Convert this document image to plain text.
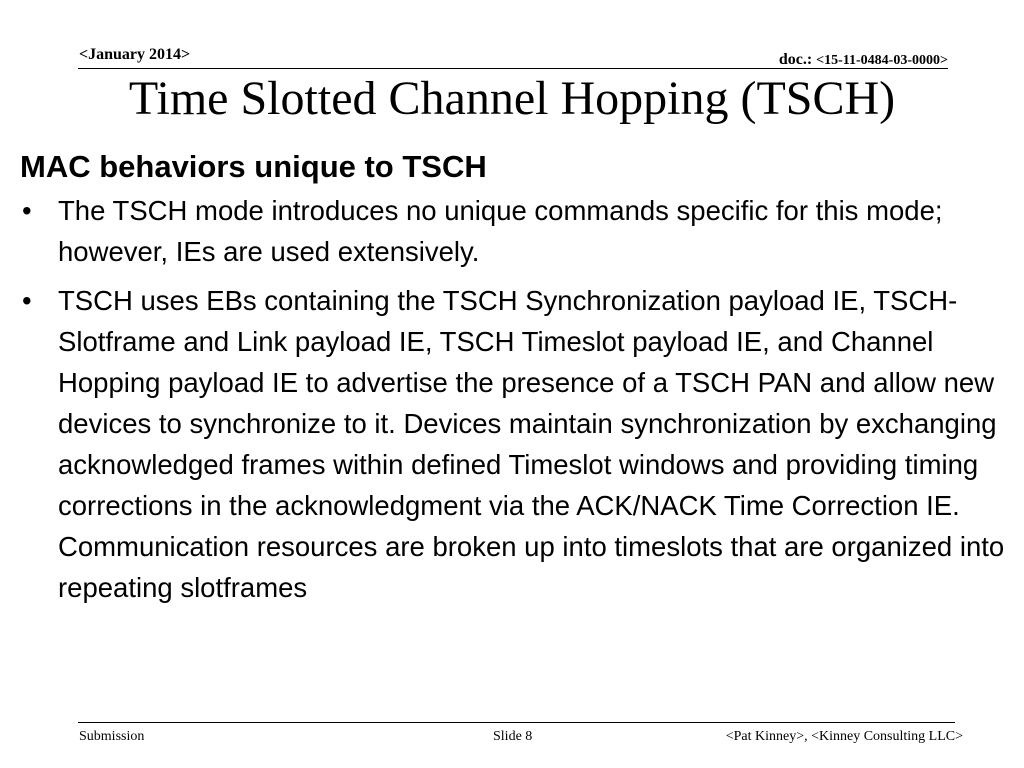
<January 2014>	doc.: <15-11-0484-03-0000>
Time Slotted Channel Hopping (TSCH)
MAC behaviors unique to TSCH
• The TSCH mode introduces no unique commands specific for this mode; however, IEs are used extensively.
• TSCH uses EBs containing the TSCH Synchronization payload IE, TSCH-Slotframe and Link payload IE, TSCH Timeslot payload IE, and Channel Hopping payload IE to advertise the presence of a TSCH PAN and allow new devices to synchronize to it. Devices maintain synchronization by exchanging acknowledged frames within defined Timeslot windows and providing timing corrections in the acknowledgment via the ACK/NACK Time Correction IE. Communication resources are broken up into timeslots that are organized into repeating slotframes
Submission	Slide 8	<Pat Kinney>, <Kinney Consulting LLC>
